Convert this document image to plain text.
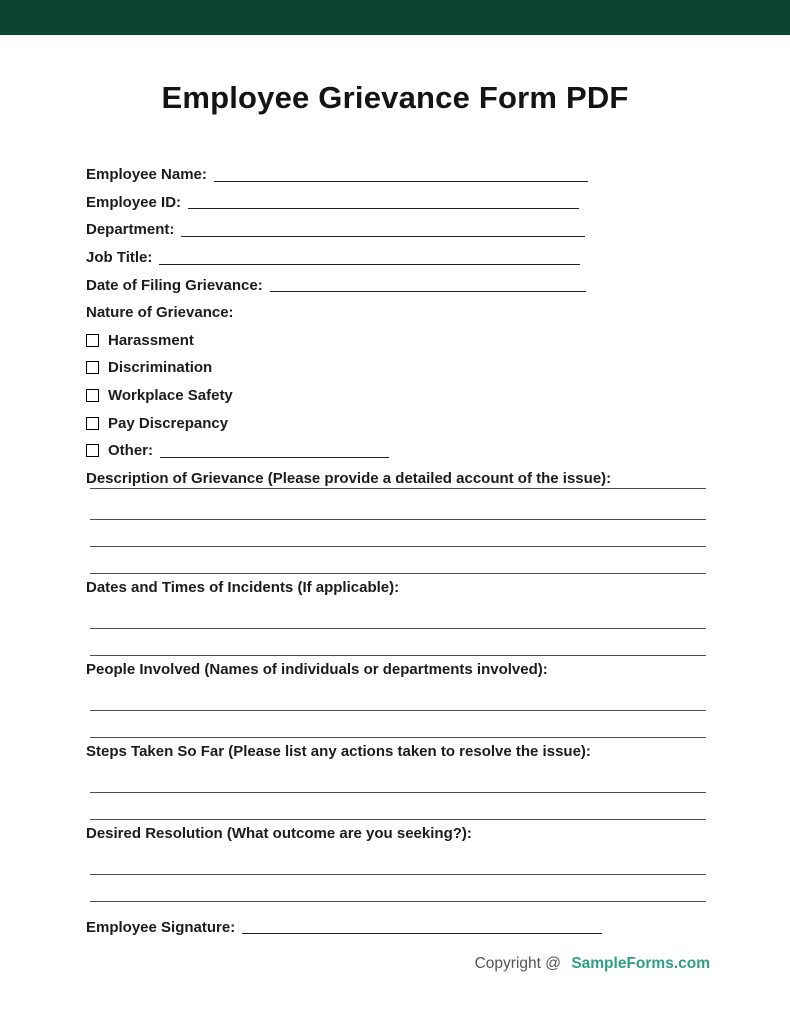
Employee Grievance Form PDF
Employee Name:
Employee ID:
Department:
Job Title:
Date of Filing Grievance:
Nature of Grievance:
Harassment
Discrimination
Workplace Safety
Pay Discrepancy
Other:
Description of Grievance (Please provide a detailed account of the issue):
Dates and Times of Incidents (If applicable):
People Involved (Names of individuals or departments involved):
Steps Taken So Far (Please list any actions taken to resolve the issue):
Desired Resolution (What outcome are you seeking?):
Employee Signature:
Copyright @ SampleForms.com
